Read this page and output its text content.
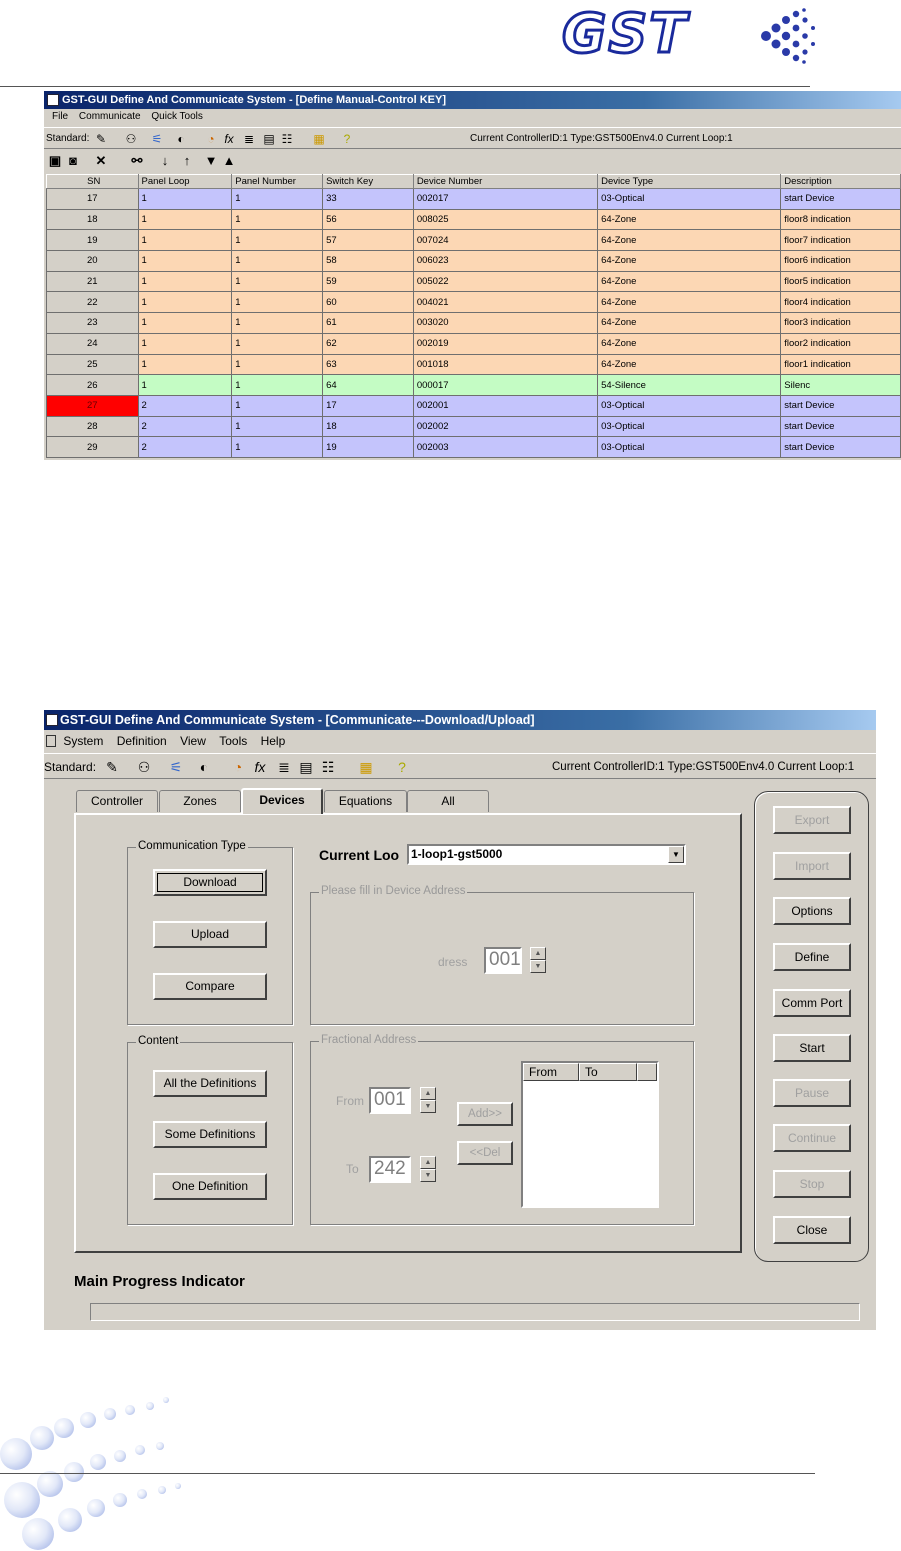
GST
GST-GUI Define And Communicate System - [Define Manual-Control KEY]
File Communicate Quick Tools
Standard: ✎ ⚇ ⚟ ◐ ◔ fx ≣ ▤ ☷ ▦	?	Current ControllerID:1 Type:GST500Env4.0 Current Loop:1
▣ ◙ ✕ ⚯ ↓ ↑ ▼ ▲
SN	Panel Loop	Panel Number	Switch Key	Device Number	Device Type	Description
17	1	1	33	002017	03-Optical	start Device
18	1	1	56	008025	64-Zone	floor8 indication
19	1	1	57	007024	64-Zone	floor7 indication
20	1	1	58	006023	64-Zone	floor6 indication
21	1	1	59	005022	64-Zone	floor5 indication
22	1	1	60	004021	64-Zone	floor4 indication
23	1	1	61	003020	64-Zone	floor3 indication
24	1	1	62	002019	64-Zone	floor2 indication
25	1	1	63	001018	64-Zone	floor1 indication
26	1	1	64	000017	54-Silence	Silenc
27	2	1	17	002001	03-Optical	start Device
28	2	1	18	002002	03-Optical	start Device
29	2	1	19	002003	03-Optical	start Device
GST-GUI Define And Communicate System - [Communicate---Download/Upload]
System Definition View Tools Help
Standard: ✎ ⚇ ⚟ ◐ ◔ fx ≣ ▤ ☷ ▦ ?	Current ControllerID:1 Type:GST500Env4.0 Current Loop:1
Controller	Zones	Devices	Equations	All
Communication Type
Download
Upload
Compare
Content
All the Definitions
Some Definitions
One Definition
Current Loo 1-loop1-gst5000	▼
Please fill in Device Address
dress 001	▲
▼
Fractional Address
From 001	▲
▼
To 242	▲
▼
Add>>
<<Del
From	To
Export
Import
Options
Define
Comm Port
Start
Pause
Continue
Stop
Close
Main Progress Indicator
